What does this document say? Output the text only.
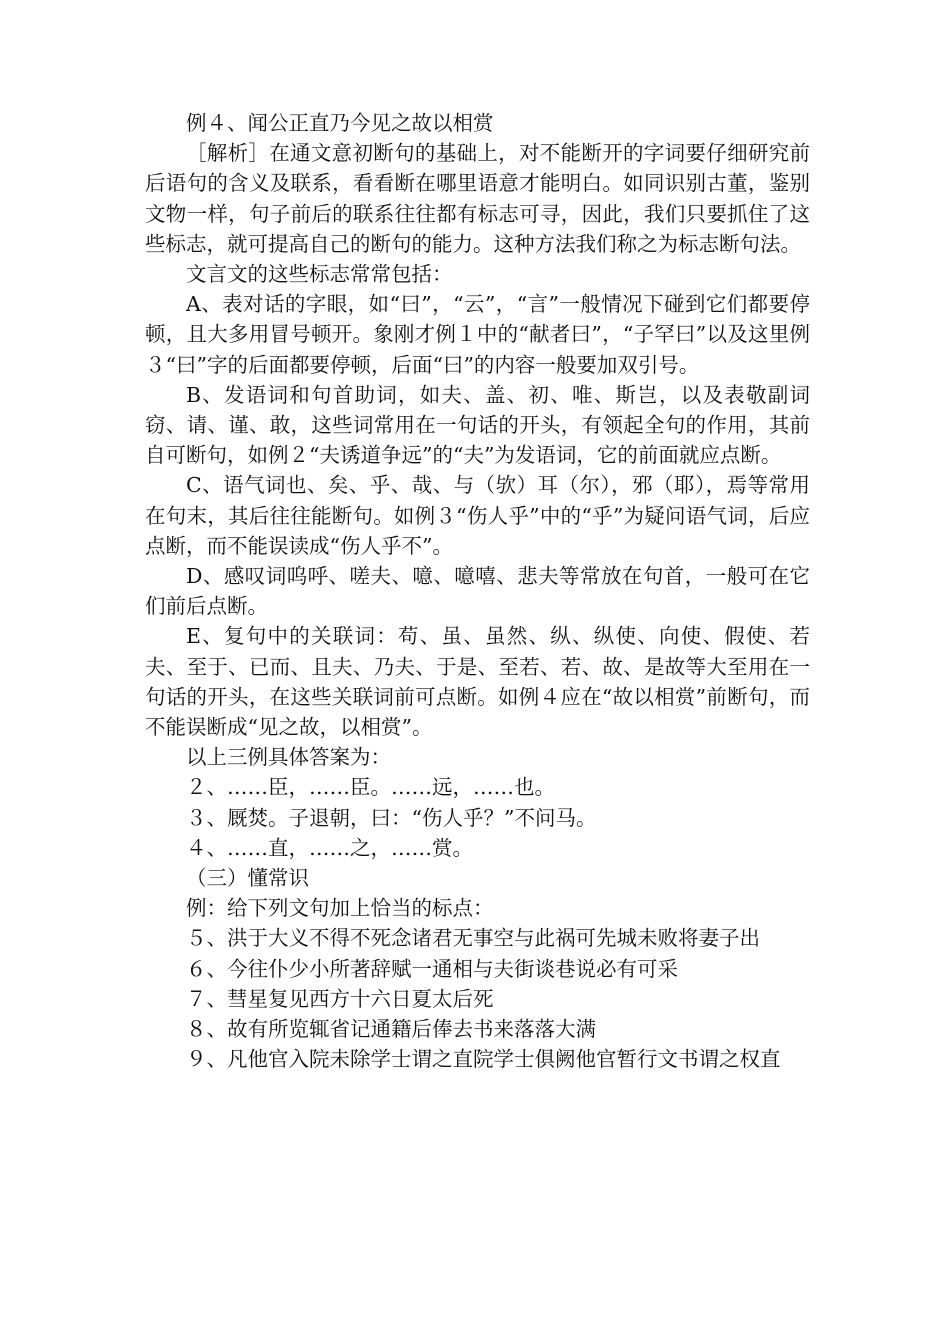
例４、闻公正直乃今见之故以相赏

［解析］在通文意初断句的基础上，对不能断开的字词要仔细研究前后语句的含义及联系，看看断在哪里语意才能明白。如同识别古董，鉴别文物一样，句子前后的联系往往都有标志可寻，因此，我们只要抓住了这些标志，就可提高自己的断句的能力。这种方法我们称之为标志断句法。

文言文的这些标志常常包括：

A、表对话的字眼，如“曰”，“云”，“言”一般情况下碰到它们都要停顿，且大多用冒号顿开。象刚才例１中的“献者曰”，“子罕曰”以及这里例３“曰”字的后面都要停顿，后面“曰”的内容一般要加双引号。

B、发语词和句首助词，如夫、盖、初、唯、斯岂，以及表敬副词窃、请、谨、敢，这些词常用在一句话的开头，有领起全句的作用，其前自可断句，如例２“夫诱道争远”的“夫”为发语词，它的前面就应点断。

C、语气词也、矣、乎、哉、与（欤）耳（尔），邪（耶），焉等常用在句末，其后往往能断句。如例３“伤人乎”中的“乎”为疑问语气词，后应点断，而不能误读成“伤人乎不”。

D、感叹词呜呼、嗟夫、噫、噫嘻、悲夫等常放在句首，一般可在它们前后点断。

E、复句中的关联词：苟、虽、虽然、纵、纵使、向使、假使、若夫、至于、已而、且夫、乃夫、于是、至若、若、故、是故等大至用在一句话的开头，在这些关联词前可点断。如例４应在“故以相赏”前断句，而不能误断成“见之故，以相赏”。

以上三例具体答案为：

２、……臣，……臣。……远，……也。

３、厩焚。子退朝，曰：“伤人乎？”不问马。

４、……直，……之，……赏。

（三）懂常识

例：给下列文句加上恰当的标点：

５、洪于大义不得不死念诸君无事空与此祸可先城未败将妻子出

６、今往仆少小所著辞赋一通相与夫街谈巷说必有可采

７、彗星复见西方十六日夏太后死

８、故有所览辄省记通籍后俸去书来落落大满

９、凡他官入院未除学士谓之直院学士俱阙他官暂行文书谓之权直
